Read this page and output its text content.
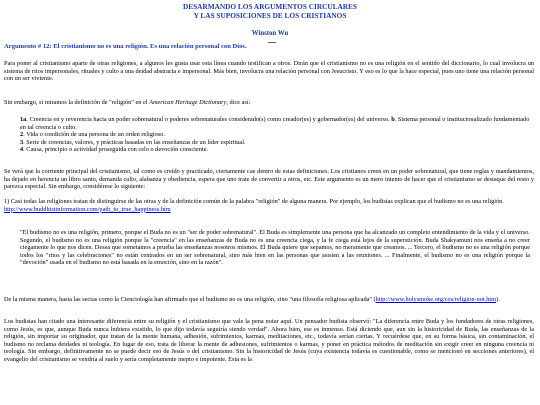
DESARMANDO LOS ARGUMENTOS CIRCULARES
Y LAS SUPOSICIONES DE LOS CRISTIANOS
Winston Wu

Argumento # 12: El cristianismo no es una religión. Es una relación personal con Dios.

Para poner al cristianismo aparte de otras religiones, a algunos les gusta usar esta línea cuando testifican a otros. Dirán que el cristianismo no es una religión en el sentido del diccionario, lo cual involucra un sistema de ritos impersonales, rituales y culto a una deidad abstracta e impersonal. Más bien, involucra una relación personal con Jesucristo. Y eso es lo que la hace especial, pues uno tiene una relación personal con un ser viviente.

Sin embargo, si miramos la definición de "religión" en el American Heritage Dictionary, dice así:

1a. Creencia en y reverencia hacia un poder sobrenatural o poderes sobrenaturales considerado(s) como creador(es) y gobernador(es) del universo. b. Sistema personal o institucionalizado fundamentado en tal creencia o culto.
2. Vida o condición de una persona de un orden religioso.
3. Serie de creencias, valores, y prácticas basadas en las enseñanzas de un líder espiritual.
4. Causa, principio o actividad proseguida con celo o devoción consciente.

Se verá que la corriente principal del cristianismo, tal como es creído y practicado, ciertamente cae dentro de estas definiciones. Los cristianos creen en un poder sobrenatural, que tiene reglas y mandamientos, ha dejado en herencia un libro santo, demanda culto, alabanza y obediencia, espera que uno trate de convertir a otros, etc. Este argumento es un mero intento de hacer que el cristianismo se destaque del resto y parezca especial. Sin embargo, considérese lo siguiente:

1) Casi todas las religiones tratan de distinguirse de las otras y de la definición común de la palabra "religión" de alguna manera. Por ejemplo, los budistas explican que el budismo no es una religión.
http://www.buddhistinformation.com/path_to_true_happiness.htm

"El budismo no es una religión, primero, porque el Buda no es un "ser de poder sobrenatural". El Buda es simplemente una persona que ha alcanzado un completo entendimiento de la vida y el universo. Segundo, el budismo no es una religión porque la "creencia" en las enseñanzas de Buda no es una creencia ciega, y la fe ciega está lejos de la superstición. Buda Shakyamuni nos enseña a no creer ciegamente lo que nos dicen. Desea que sometamos a prueba las enseñanzas nosotros mismos. El Buda quiere que sepamos, no meramente que creamos. ... Tercero, el budismo no es una religión porque todos los "ritos y las celebraciones" no están centrados en un ser sobrenatural, sino más bien en las personas que asisten a las reuniones. ... Finalmente, el budismo no es una religión porque la "devoción" usada en el budismo no está basada en la emoción, sino en la razón".

De la misma manera, hasta las sectas como la Cienciología han afirmado que el budismo no es una religión, sino "una filosofía religiosa aplicada" (http://www.holysmoke.org/cos/religion-not.htm).

Los budistas han citado una interesante diferencia entre su religión y el cristianismo que vale la pena notar aquí. Un pensador budista observó: "La diferencia entre Buda y los fundadores de otras religiones, como Jesús, es que, aunque Buda nunca hubiera existido, lo que dijo todavía seguiría siendo verdad". Ahora bien, ese es inmenso. Está diciendo que, aun sin la historicidad de Buda, las enseñanzas de la religión, sin importar su originador, que tratan de la mente humana, adhesión, sufrimientos, karmas, meditaciones, etc., todavía serían ciertas. Y recuérdese que, en su forma básica, sin contaminación, el budismo no reclama deidades ni teología. En lugar de eso, trata de liberar la mente de adhesiones, sufrimientos o karmas, y poner en práctica métodos de meditación sin exigir creer en ninguna creencia ni teología. Sin embargo, definitivamente no se puede decir eso de Jesús o del cristianismo. Sin la historicidad de Jesús (cuya existencia todavía es cuestionable, como se mencionó en secciones anteriores), el evangelio del cristianismo se vendría al suelo y sería completamente inepto e impotente. Esta es la
